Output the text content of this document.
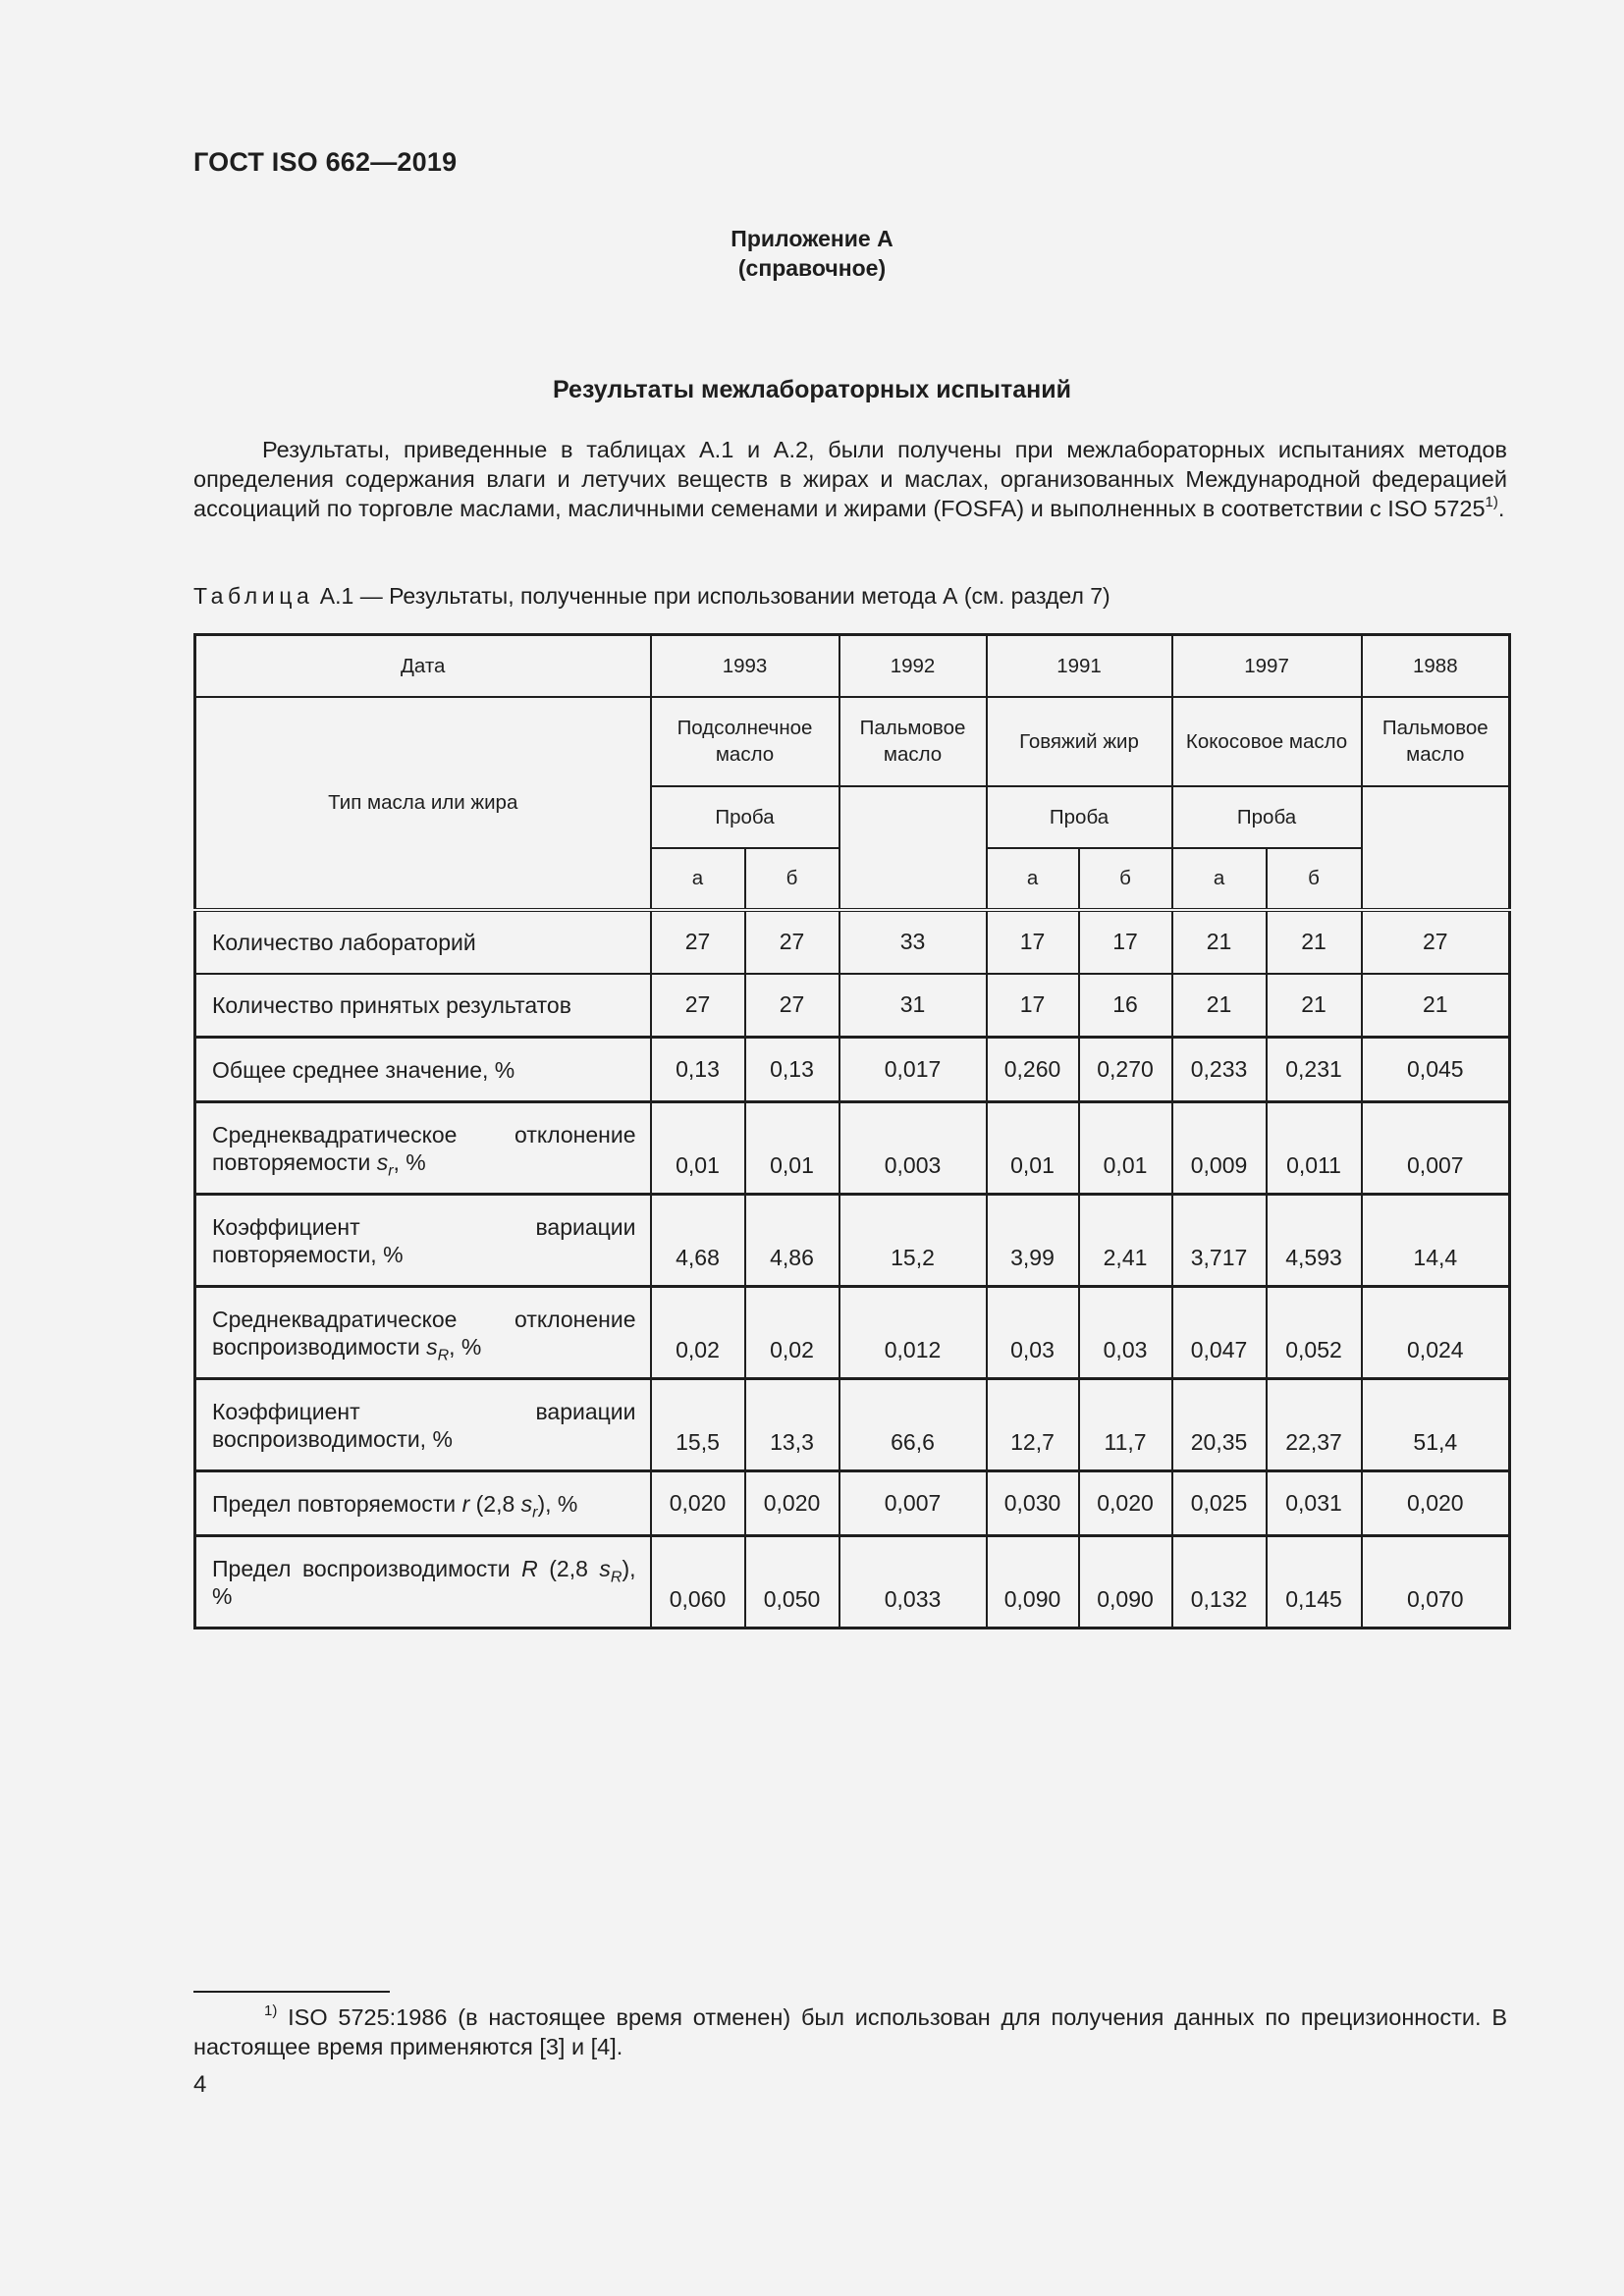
ГОСТ ISO 662—2019
Приложение А
(справочное)
Результаты межлабораторных испытаний

Результаты, приведенные в таблицах А.1 и А.2, были получены при межлабораторных испытаниях методов определения содержания влаги и летучих веществ в жирах и маслах, организованных Международной федерацией ассоциаций по торговле маслами, масличными семенами и жирами (FOSFA) и выполненных в соответствии с ISO 5725$^{1)}$.

Таблица А.1 — Результаты, полученные при использовании метода А (см. раздел 7)
Дата	1993		1992	1991		1997		1988
Тип масла или жира	Подсолнечное масло		Пальмовое масло	Говяжий жир		Кокосовое масло		Пальмовое масло
	Проба			Проба		Проба		
	а	б		а	б	а	б	
Количество лабораторий	27	27	33	17	17	21	21	27
Количество принятых результатов	27	27	31	17	16	21	21	21
Общее среднее значение, %	0,13	0,13	0,017	0,260	0,270	0,233	0,231	0,045
Среднеквадратическое отклонение повторяемости $s_r$, %	0,01	0,01	0,003	0,01	0,01	0,009	0,011	0,007
Коэффициент вариации повторяемости, %	4,68	4,86	15,2	3,99	2,41	3,717	4,593	14,4
Среднеквадратическое отклонение воспроизводимости $s_R$, %	0,02	0,02	0,012	0,03	0,03	0,047	0,052	0,024
Коэффициент вариации воспроизводимости, %	15,5	13,3	66,6	12,7	11,7	20,35	22,37	51,4
Предел повторяемости r (2,8 $s_r$), %	0,020	0,020	0,007	0,030	0,020	0,025	0,031	0,020
Предел воспроизводимости R (2,8 $s_R$), %	0,060	0,050	0,033	0,090	0,090	0,132	0,145	0,070

$^{1)}$ ISO 5725:1986 (в настоящее время отменен) был использован для получения данных по прецизионности. В настоящее время применяются [3] и [4].

4
